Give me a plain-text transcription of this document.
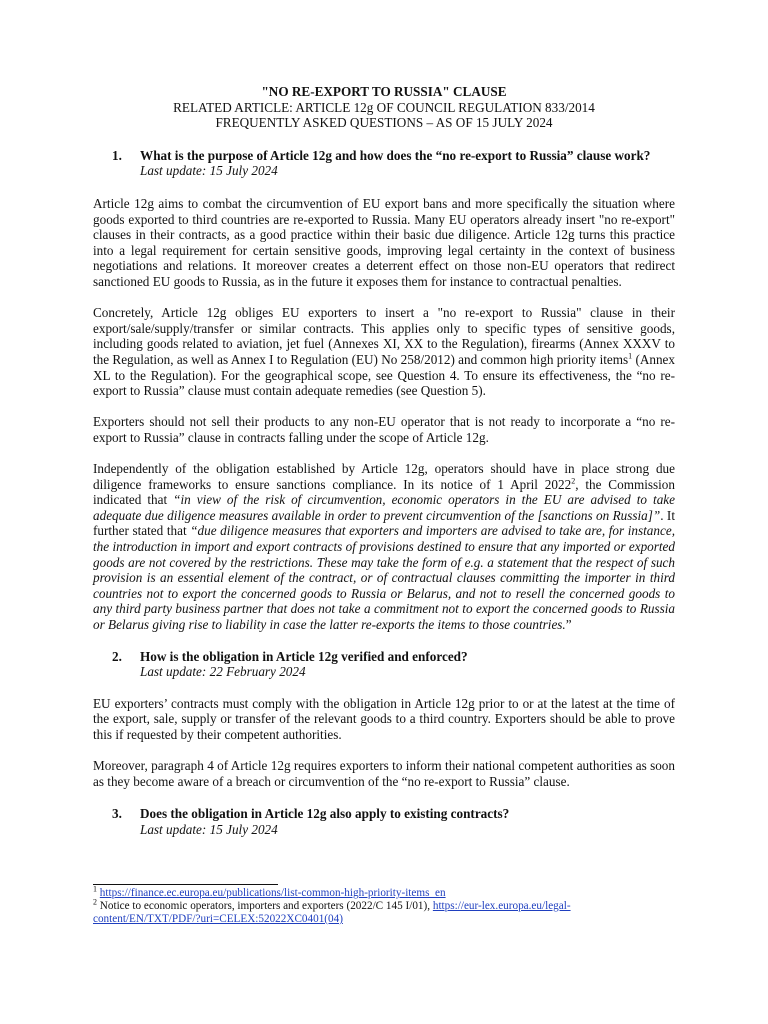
"NO RE-EXPORT TO RUSSIA" CLAUSE
RELATED ARTICLE: ARTICLE 12g OF COUNCIL REGULATION 833/2014
FREQUENTLY ASKED QUESTIONS – AS OF 15 JULY 2024
1.	What is the purpose of Article 12g and how does the “no re-export to Russia” clause work?
Last update: 15 July 2024

Article 12g aims to combat the circumvention of EU export bans and more specifically the situation where goods exported to third countries are re-exported to Russia. Many EU operators already insert "no re-export" clauses in their contracts, as a good practice within their basic due diligence. Article 12g turns this practice into a legal requirement for certain sensitive goods, improving legal certainty in the context of business negotiations and relations. It moreover creates a deterrent effect on those non-EU operators that redirect sanctioned EU goods to Russia, as in the future it exposes them for instance to contractual penalties.

Concretely, Article 12g obliges EU exporters to insert a "no re-export to Russia" clause in their export/sale/supply/transfer or similar contracts. This applies only to specific types of sensitive goods, including goods related to aviation, jet fuel (Annexes XI, XX to the Regulation), firearms (Annex XXXV to the Regulation, as well as Annex I to Regulation (EU) No 258/2012) and common high priority items$^1$ (Annex XL to the Regulation). For the geographical scope, see Question 4. To ensure its effectiveness, the “no re-export to Russia” clause must contain adequate remedies (see Question 5).

Exporters should not sell their products to any non-EU operator that is not ready to incorporate a “no re-export to Russia” clause in contracts falling under the scope of Article 12g.

Independently of the obligation established by Article 12g, operators should have in place strong due diligence frameworks to ensure sanctions compliance. In its notice of 1 April 2022$^2$, the Commission indicated that “in view of the risk of circumvention, economic operators in the EU are advised to take adequate due diligence measures available in order to prevent circumvention of the [sanctions on Russia]”. It further stated that “due diligence measures that exporters and importers are advised to take are, for instance, the introduction in import and export contracts of provisions destined to ensure that any imported or exported goods are not covered by the restrictions. These may take the form of e.g. a statement that the respect of such provision is an essential element of the contract, or of contractual clauses committing the importer in third countries not to export the concerned goods to Russia or Belarus, and not to resell the concerned goods to any third party business partner that does not take a commitment not to export the concerned goods to Russia or Belarus giving rise to liability in case the latter re-exports the items to those countries.”

2.	How is the obligation in Article 12g verified and enforced?
Last update: 22 February 2024

EU exporters’ contracts must comply with the obligation in Article 12g prior to or at the latest at the time of the export, sale, supply or transfer of the relevant goods to a third country. Exporters should be able to prove this if requested by their competent authorities.

Moreover, paragraph 4 of Article 12g requires exporters to inform their national competent authorities as soon as they become aware of a breach or circumvention of the “no re-export to Russia” clause.

3.	Does the obligation in Article 12g also apply to existing contracts?
Last update: 15 July 2024
$^1$ https://finance.ec.europa.eu/publications/list-common-high-priority-items_en
$^2$ Notice to economic operators, importers and exporters (2022/C 145 I/01), https://eur-lex.europa.eu/legal-content/EN/TXT/PDF/?uri=CELEX:52022XC0401(04)
